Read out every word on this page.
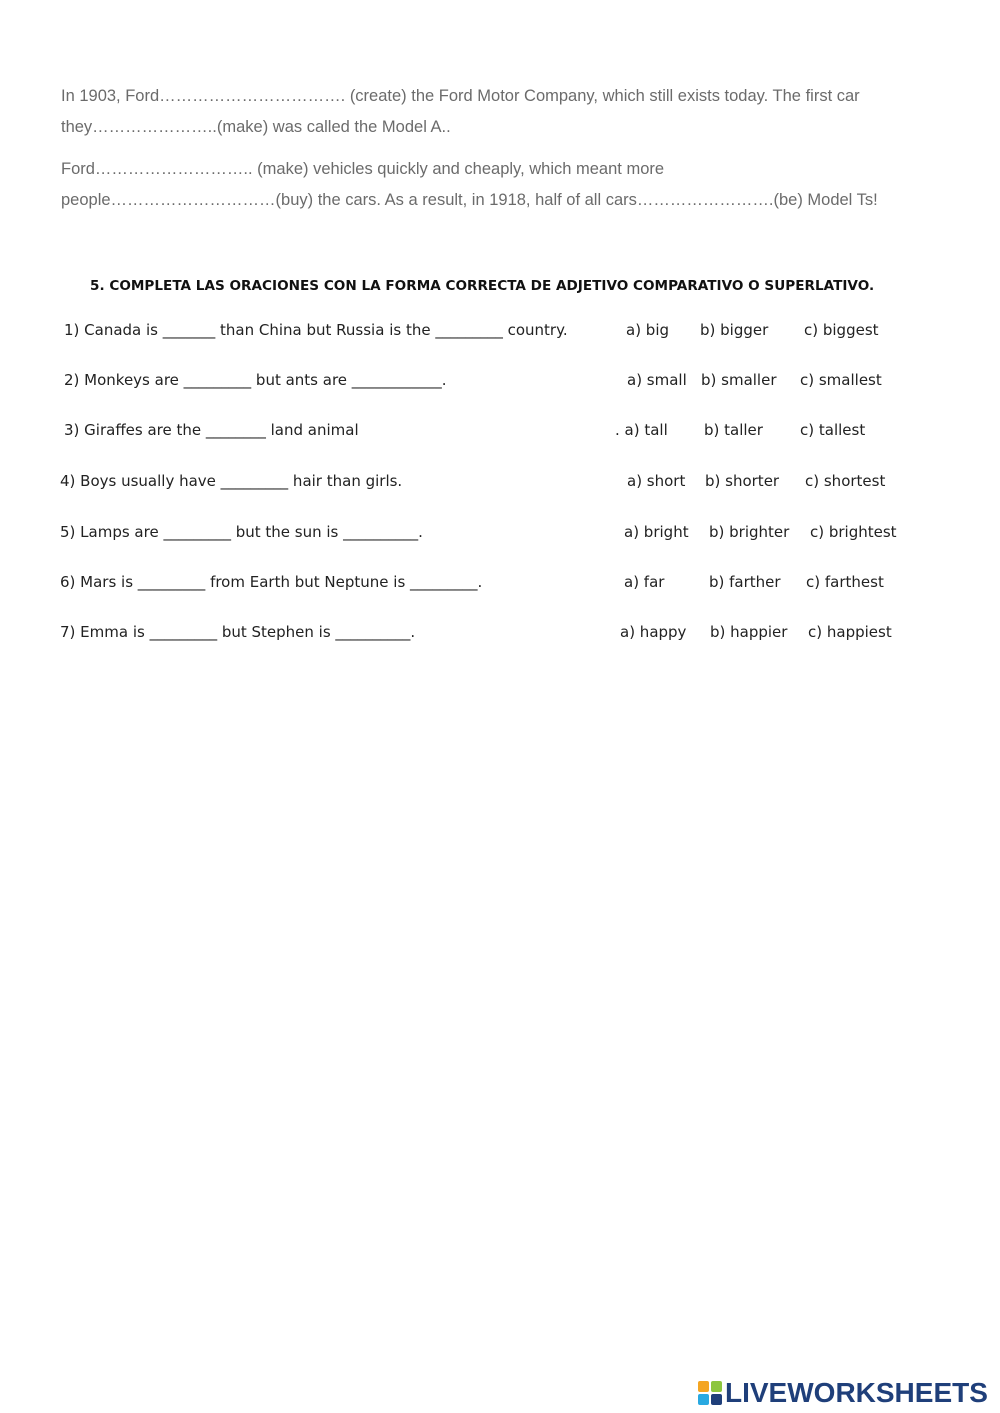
In 1903, Ford……………………………. (create) the Ford Motor Company, which still exists today. The first car
they…………………..(make) was called the Model A..
Ford……………………….. (make) vehicles quickly and cheaply, which meant more
people…………………………(buy) the cars. As a result, in 1918, half of all cars…………………….(be) Model Ts!
5. COMPLETA LAS ORACIONES CON LA FORMA CORRECTA DE ADJETIVO COMPARATIVO O SUPERLATIVO.
1) Canada is _______ than China but Russia is the _________ country.	a) big b) bigger c) biggest
2) Monkeys are _________ but ants are ____________.	a) small b) smaller c) smallest
3) Giraffes are the ________ land animal	. a) tall b) taller c) tallest
4) Boys usually have _________ hair than girls.	a) short b) shorter c) shortest
5) Lamps are _________ but the sun is __________.	a) bright b) brighter c) brightest
6) Mars is _________ from Earth but Neptune is _________.	a) far	b) farther c) farthest
7) Emma is _________ but Stephen is __________.	a) happy b) happier c) happiest
LIVEWORKSHEETS
